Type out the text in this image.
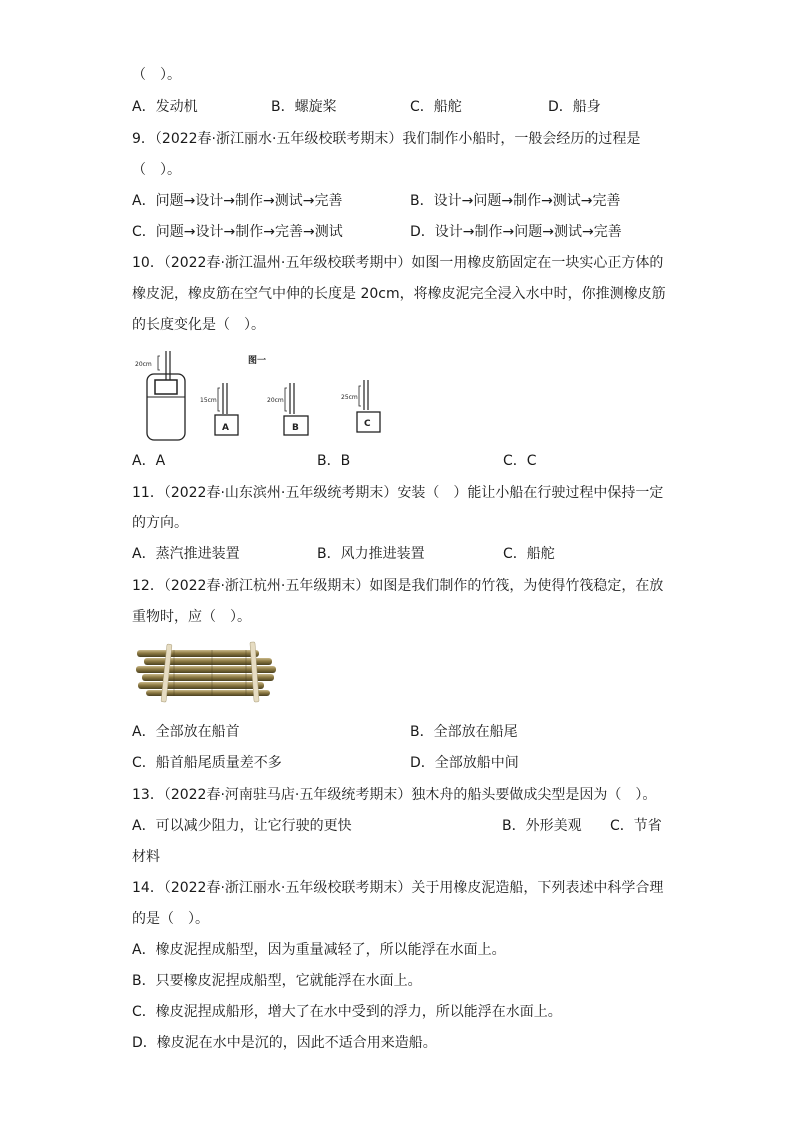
（　）。
A．发动机	B．螺旋桨	C．船舵	D．船身
9．（2022春·浙江丽水·五年级校联考期末）我们制作小船时，一般会经历的过程是
（　）。
A．问题→设计→制作→测试→完善	B．设计→问题→制作→测试→完善
C．问题→设计→制作→完善→测试	D．设计→制作→问题→测试→完善
10．（2022春·浙江温州·五年级校联考期中）如图一用橡皮筋固定在一块实心正方体的
橡皮泥，橡皮筋在空气中伸的长度是 20cm，将橡皮泥完全浸入水中时，你推测橡皮筋
的长度变化是（　）。
图一
20cm
15cm
A
20cm
B
25cm
C
A．A	B．B	C．C
11．（2022春·山东滨州·五年级统考期末）安装（　）能让小船在行驶过程中保持一定
的方向。
A．蒸汽推进装置	B．风力推进装置	C．船舵
12．（2022春·浙江杭州·五年级期末）如图是我们制作的竹筏，为使得竹筏稳定，在放
重物时，应（　）。
A．全部放在船首	B．全部放在船尾
C．船首船尾质量差不多	D．全部放船中间
13．（2022春·河南驻马店·五年级统考期末）独木舟的船头要做成尖型是因为（　）。
A．可以减少阻力，让它行驶的更快	B．外形美观 C．节省
材料
14．（2022春·浙江丽水·五年级校联考期末）关于用橡皮泥造船，下列表述中科学合理
的是（　）。
A．橡皮泥捏成船型，因为重量减轻了，所以能浮在水面上。
B．只要橡皮泥捏成船型，它就能浮在水面上。
C．橡皮泥捏成船形，增大了在水中受到的浮力，所以能浮在水面上。
D．橡皮泥在水中是沉的，因此不适合用来造船。
